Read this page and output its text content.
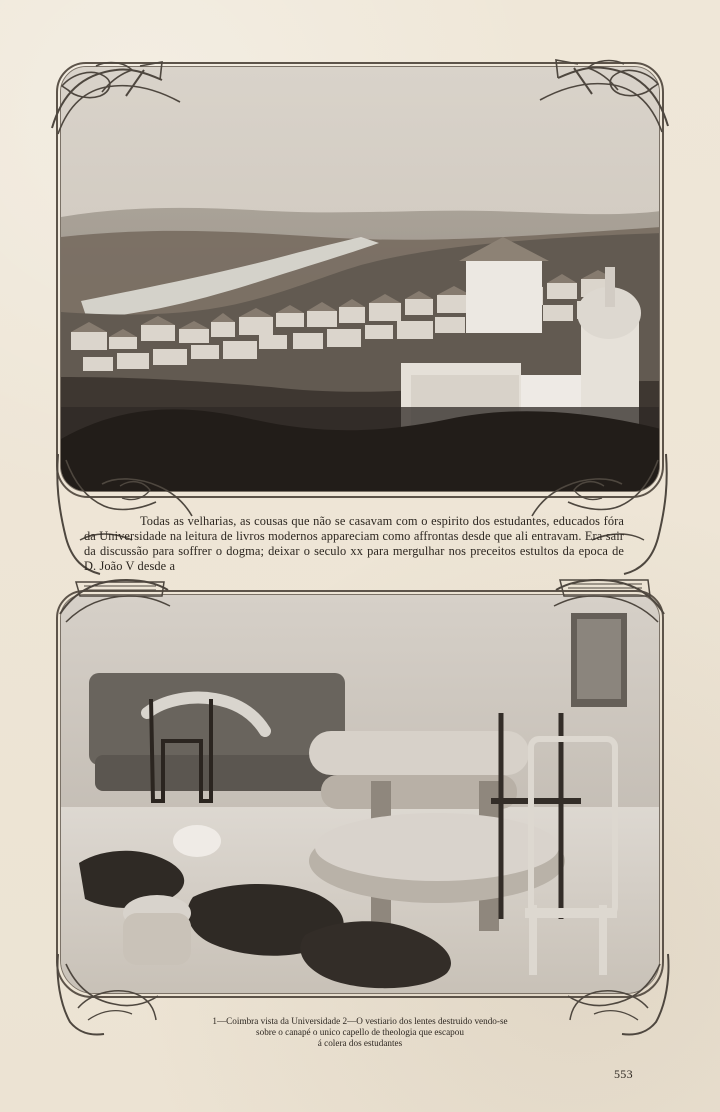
Todas as velharias, as cousas que não se casavam com o espirito dos estudantes, educados fóra da Universidade na leitura de livros modernos appareciam como affrontas desde que ali entravam. Era sair da discussão para soffrer o dogma; deixar o seculo xx para mergulhar nos preceitos estultos da epoca de D. João V desde a

1—Coimbra vista da Universidade 2—O vestiario dos lentes destruido vendo-se
sobre o canapé o unico capello de theologia que escapou
á colera dos estudantes
553
